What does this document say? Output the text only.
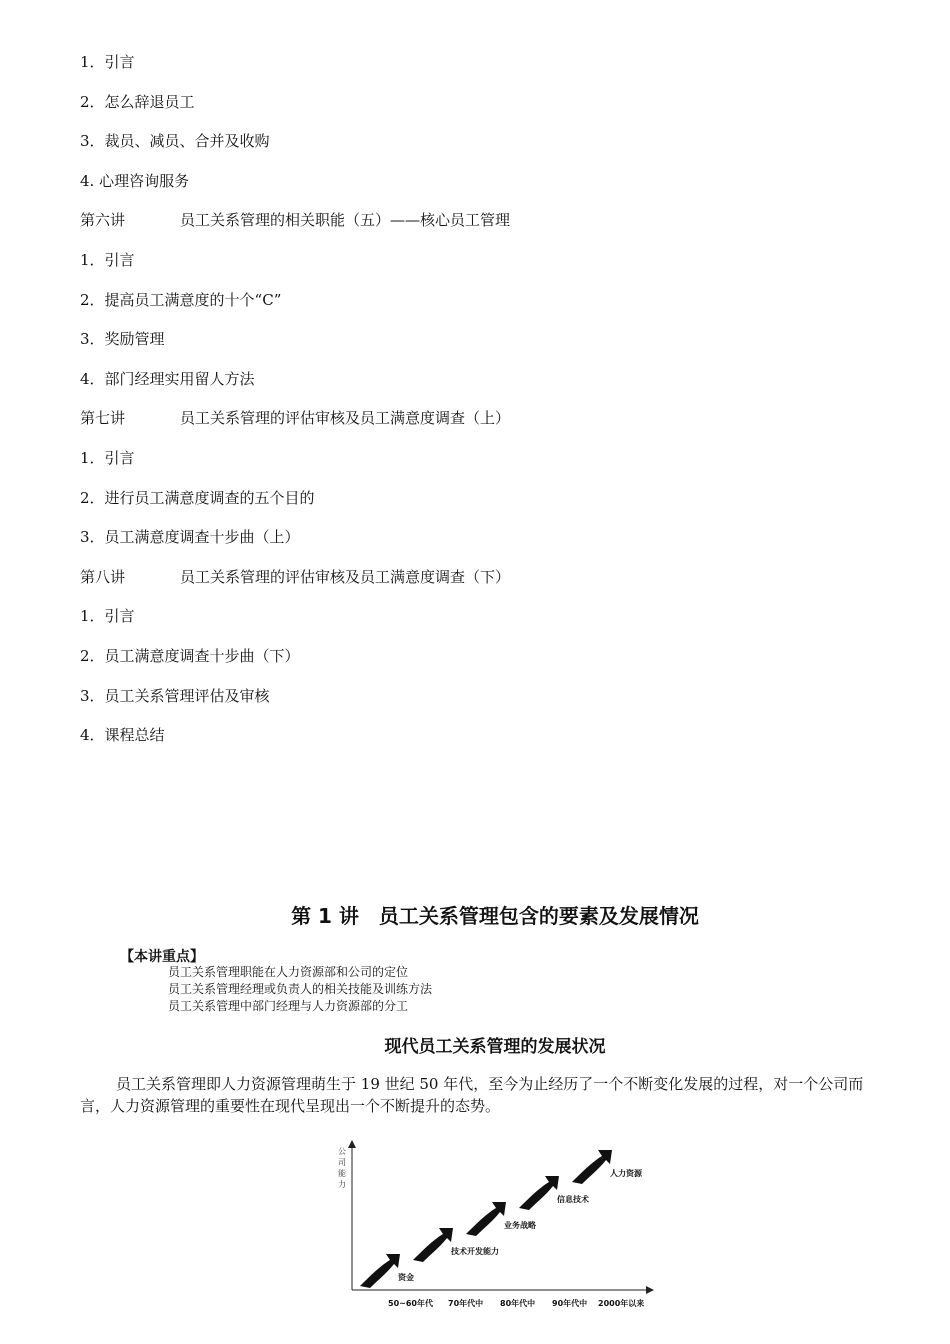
1．引言
2．怎么辞退员工
3．裁员、减员、合并及收购
4. 心理咨询服务
第六讲	员工关系管理的相关职能（五）——核心员工管理
1．引言
2．提高员工满意度的十个“C”
3．奖励管理
4．部门经理实用留人方法
第七讲	员工关系管理的评估审核及员工满意度调查（上）
1．引言
2．进行员工满意度调查的五个目的
3．员工满意度调查十步曲（上）
第八讲	员工关系管理的评估审核及员工满意度调查（下）
1．引言
2．员工满意度调查十步曲（下）
3．员工关系管理评估及审核
4．课程总结
第 1 讲　员工关系管理包含的要素及发展情况
【本讲重点】
员工关系管理职能在人力资源部和公司的定位
员工关系管理经理或负责人的相关技能及训练方法
员工关系管理中部门经理与人力资源部的分工
现代员工关系管理的发展状况
员工关系管理即人力资源管理萌生于 19 世纪 50 年代，至今为止经历了一个不断变化发展的过程，对一个公司而言，人力资源管理的重要性在现代呈现出一个不断提升的态势。
公司能力
资金
技术开发能力
业务战略
信息技术
人力资源
50~60年代 70年代中 80年代中 90年代中 2000年以来
